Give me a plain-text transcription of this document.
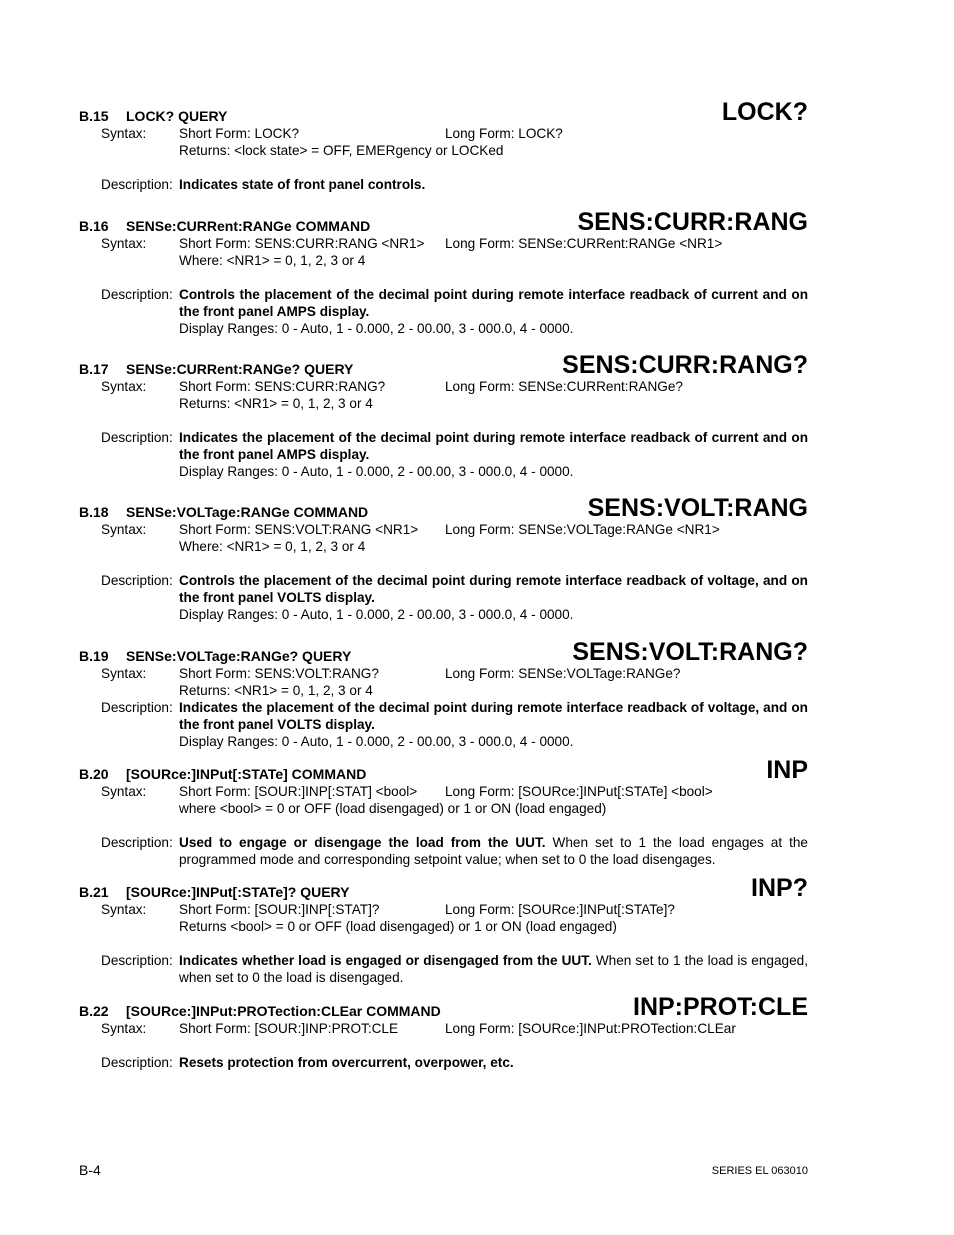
B.15 LOCK? QUERY	LOCK?
Syntax: Short Form: LOCK?	Long Form: LOCK?
Returns: <lock state> = OFF, EMERgency or LOCKed
Description: Indicates state of front panel controls.
B.16 SENSe:CURRent:RANGe COMMAND	SENS:CURR:RANG
Syntax: Short Form: SENS:CURR:RANG <NR1> Long Form: SENSe:CURRent:RANGe <NR1>
Where: <NR1> = 0, 1, 2, 3 or 4
Description: Controls the placement of the decimal point during remote interface readback of current and on the front panel AMPS display.
Display Ranges: 0 - Auto, 1 - 0.000, 2 - 00.00, 3 - 000.0, 4 - 0000.
B.17 SENSe:CURRent:RANGe? QUERY	SENS:CURR:RANG?
Syntax: Short Form: SENS:CURR:RANG?	Long Form: SENSe:CURRent:RANGe?
Returns: <NR1> = 0, 1, 2, 3 or 4
Description: Indicates the placement of the decimal point during remote interface readback of current and on the front panel AMPS display.
Display Ranges: 0 - Auto, 1 - 0.000, 2 - 00.00, 3 - 000.0, 4 - 0000.
B.18 SENSe:VOLTage:RANGe COMMAND	SENS:VOLT:RANG
Syntax: Short Form: SENS:VOLT:RANG <NR1> Long Form: SENSe:VOLTage:RANGe <NR1>
Where: <NR1> = 0, 1, 2, 3 or 4
Description: Controls the placement of the decimal point during remote interface readback of voltage, and on the front panel VOLTS display.
Display Ranges: 0 - Auto, 1 - 0.000, 2 - 00.00, 3 - 000.0, 4 - 0000.
B.19 SENSe:VOLTage:RANGe? QUERY	SENS:VOLT:RANG?
Syntax: Short Form: SENS:VOLT:RANG?	Long Form: SENSe:VOLTage:RANGe?
Returns: <NR1> = 0, 1, 2, 3 or 4
Description: Indicates the placement of the decimal point during remote interface readback of voltage, and on the front panel VOLTS display.
Display Ranges: 0 - Auto, 1 - 0.000, 2 - 00.00, 3 - 000.0, 4 - 0000.
B.20 [SOURce:]INPut[:STATe] COMMAND	INP
Syntax: Short Form: [SOUR:]INP[:STAT] <bool> Long Form: [SOURce:]INPut[:STATe] <bool>
where <bool> = 0 or OFF (load disengaged) or 1 or ON (load engaged)
Description: Used to engage or disengage the load from the UUT. When set to 1 the load engages at the programmed mode and corresponding setpoint value; when set to 0 the load disengages.
B.21 [SOURce:]INPut[:STATe]? QUERY	INP?
Syntax: Short Form: [SOUR:]INP[:STAT]?	Long Form: [SOURce:]INPut[:STATe]?
Returns <bool> = 0 or OFF (load disengaged) or 1 or ON (load engaged)
Description: Indicates whether load is engaged or disengaged from the UUT. When set to 1 the load is engaged, when set to 0 the load is disengaged.
B.22 [SOURce:]INPut:PROTection:CLEar COMMAND	INP:PROT:CLE
Syntax: Short Form: [SOUR:]INP:PROT:CLE	Long Form: [SOURce:]INPut:PROTection:CLEar
Description: Resets protection from overcurrent, overpower, etc.
B-4	SERIES EL 063010
